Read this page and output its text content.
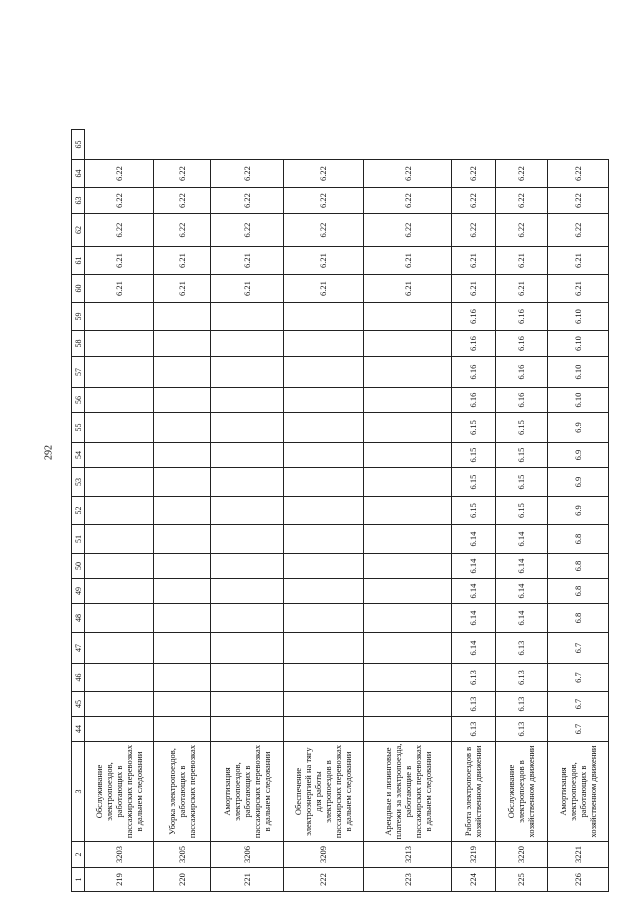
292
1	2	3	44	45	46	47	48	49	50	51	52	53	54	55	56	57	58	59	60	61	62	63	64	65
219	3203	Обслуживание электропоездов, работающих в пассажирских перевозках в дальнем следовании																	6.21	6.21	6.22	6.22	6.22	
220	3205	Уборка электропоездов, работающих в пассажирских перевозках																	6.21	6.21	6.22	6.22	6.22	
221	3206	Амортизация электропоездов, работающих в пассажирских перевозках в дальнем следовании																	6.21	6.21	6.22	6.22	6.22	
222	3209	Обеспечение электроэнергией на тягу для работы электропоездов в пассажирских перевозках в дальнем следовании																	6.21	6.21	6.22	6.22	6.22	
223	3213	Арендные и лизинговые платежи за электропоезда, работающие в пассажирских перевозках в дальнем следовании																	6.21	6.21	6.22	6.22	6.22	
224	3219	Работа электропоездов в хозяйственном движении	6.13	6.13	6.13	6.14	6.14	6.14	6.14	6.14	6.15	6.15	6.15	6.15	6.16	6.16	6.16	6.16	6.21	6.21	6.22	6.22	6.22	
225	3220	Обслуживание электропоездов в хозяйственном движении	6.13	6.13	6.13	6.13	6.14	6.14	6.14	6.14	6.15	6.15	6.15	6.15	6.16	6.16	6.16	6.16	6.21	6.21	6.22	6.22	6.22	
226	3221	Амортизация электропоездов, работающих в хозяйственном движении	6.7	6.7	6.7	6.7	6.8	6.8	6.8	6.8	6.9	6.9	6.9	6.9	6.10	6.10	6.10	6.10	6.21	6.21	6.22	6.22	6.22	
